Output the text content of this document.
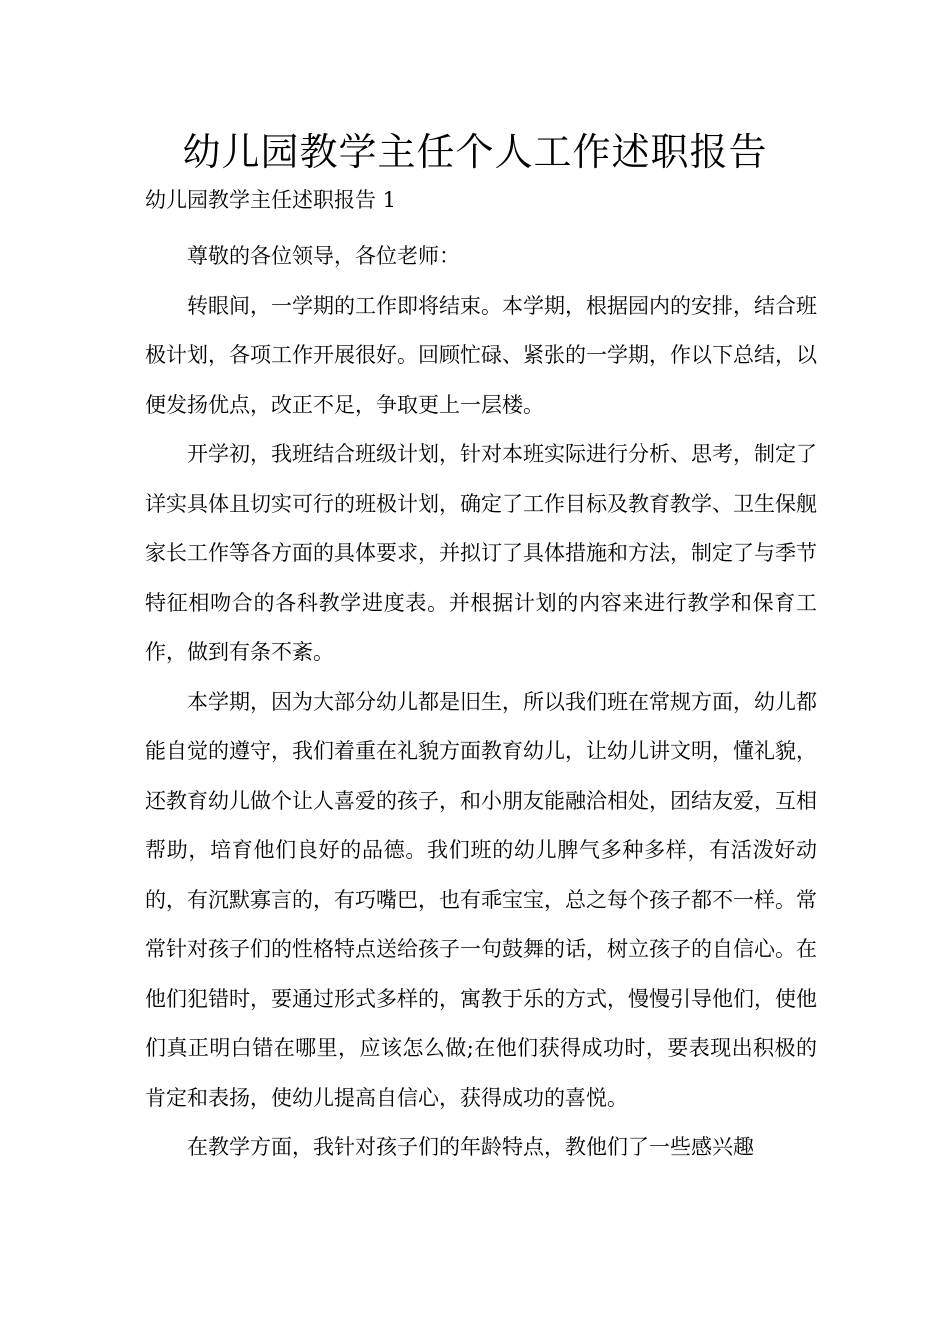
幼儿园教学主任个人工作述职报告

幼儿园教学主任述职报告 1

尊敬的各位领导，各位老师：

转眼间，一学期的工作即将结束。本学期，根据园内的安排，结合班极计划，各项工作开展很好。回顾忙碌、紧张的一学期，作以下总结，以便发扬优点，改正不足，争取更上一层楼。

开学初，我班结合班级计划，针对本班实际进行分析、思考，制定了详实具体且切实可行的班极计划，确定了工作目标及教育教学、卫生保舰家长工作等各方面的具体要求，并拟订了具体措施和方法，制定了与季节特征相吻合的各科教学进度表。并根据计划的内容来进行教学和保育工作，做到有条不紊。

本学期，因为大部分幼儿都是旧生，所以我们班在常规方面，幼儿都能自觉的遵守，我们着重在礼貌方面教育幼儿，让幼儿讲文明，懂礼貌，还教育幼儿做个让人喜爱的孩子，和小朋友能融洽相处，团结友爱，互相帮助，培育他们良好的品德。我们班的幼儿脾气多种多样，有活泼好动的，有沉默寡言的，有巧嘴巴，也有乖宝宝，总之每个孩子都不一样。常常针对孩子们的性格特点送给孩子一句鼓舞的话，树立孩子的自信心。在他们犯错时，要通过形式多样的，寓教于乐的方式，慢慢引导他们，使他们真正明白错在哪里，应该怎么做;在他们获得成功时，要表现出积极的肯定和表扬，使幼儿提高自信心，获得成功的喜悦。

在教学方面，我针对孩子们的年龄特点，教他们了一些感兴趣
